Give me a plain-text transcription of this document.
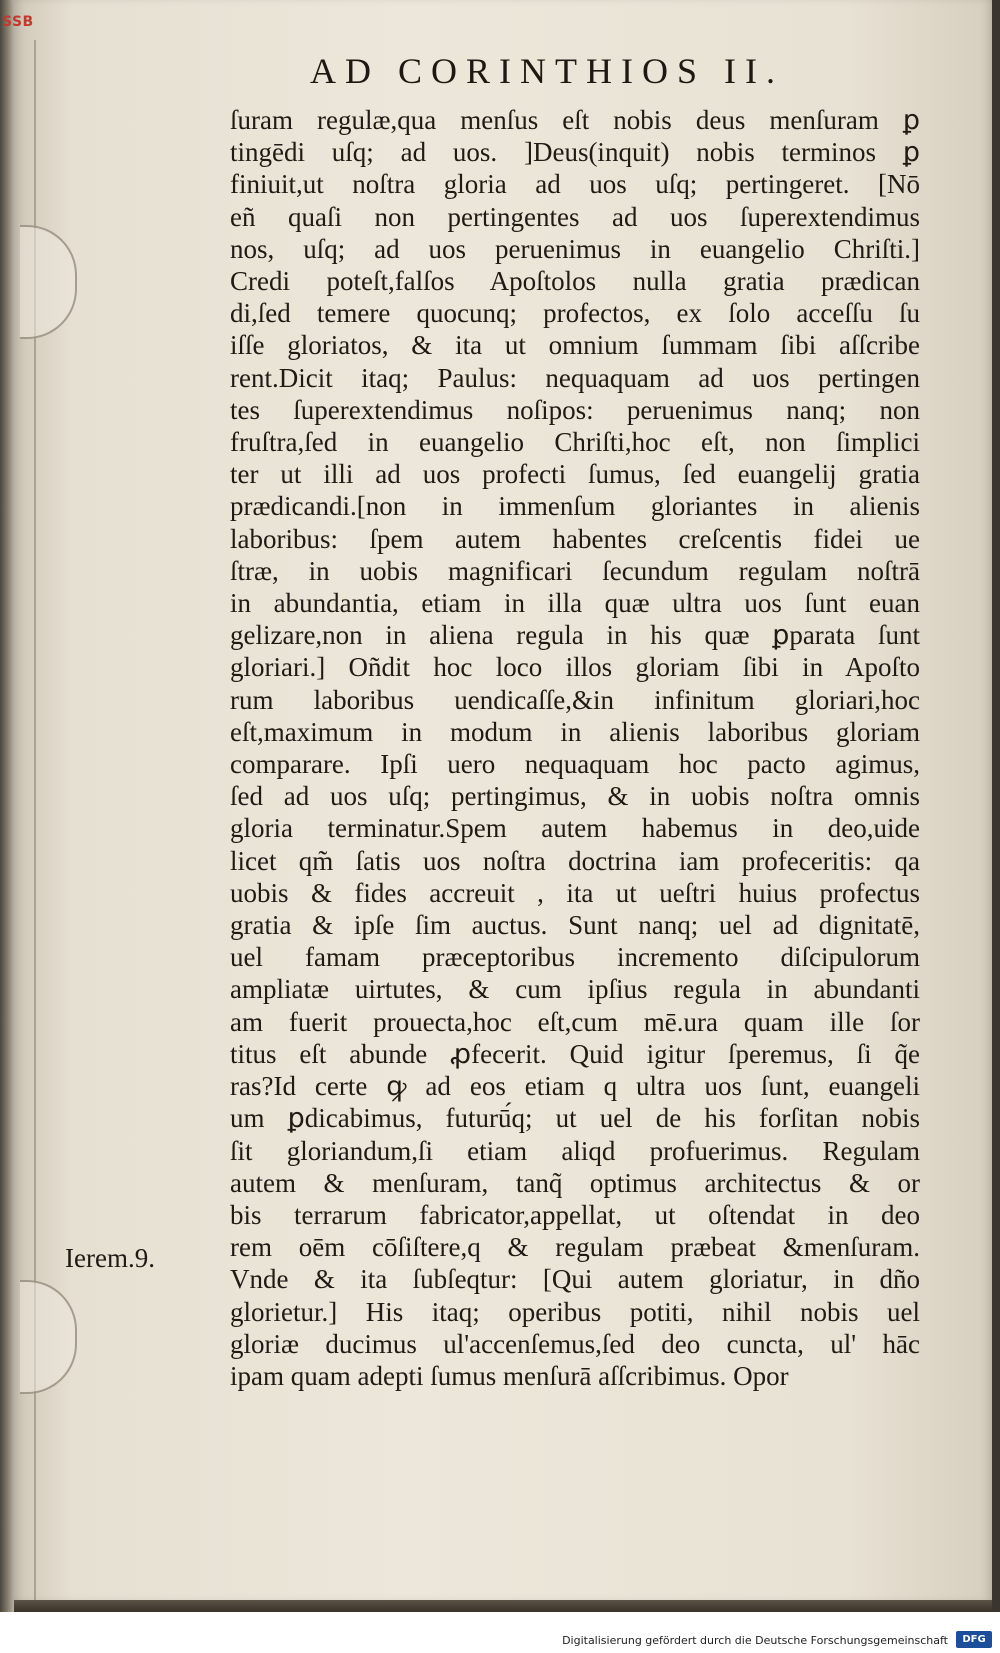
SSB
AD CORINTHIOS II.
ſuram regulæ,qua menſus eſt nobis deus menſuram ꝑ
tingēdi uſq; ad uos. ]Deus(inquit) nobis terminos ꝑ
finiuit,ut noſtra gloria ad uos uſq; pertingeret. [Nō
eñ quaſi non pertingentes ad uos ſuperextendimus
nos, uſq; ad uos peruenimus in euangelio Chriſti.]
Credi poteſt,falſos Apoſtolos nulla gratia prædican
di,ſed temere quocunq; profectos, ex ſolo acceſſu ſu
iſſe gloriatos, & ita ut omnium ſummam ſibi aſſcribe
rent.Dicit itaq; Paulus: nequaquam ad uos pertingen
tes ſuperextendimus noſipos: peruenimus nanq; non
fruſtra,ſed in euangelio Chriſti,hoc eſt, non ſimplici
ter ut illi ad uos profecti ſumus, ſed euangelij gratia
prædicandi.[non in immenſum gloriantes in alienis
laboribus: ſpem autem habentes creſcentis fidei ue
ſtræ, in uobis magnificari ſecundum regulam noſtrā
in abundantia, etiam in illa quæ ultra uos ſunt euan
gelizare,non in aliena regula in his quæ ꝑparata ſunt
gloriari.] Oñdit hoc loco illos gloriam ſibi in Apoſto
rum laboribus uendicaſſe,&in infinitum gloriari,hoc
eſt,maximum in modum in alienis laboribus gloriam
comparare. Ipſi uero nequaquam hoc pacto agimus,
ſed ad uos uſq; pertingimus, & in uobis noſtra omnis
gloria terminatur.Spem autem habemus in deo,uide
licet qm̃ ſatis uos noſtra doctrina iam profeceritis: qa
uobis & fides accreuit , ita ut ueſtri huius profectus
gratia & ipſe ſim auctus. Sunt nanq; uel ad dignitatē,
uel famam præceptoribus incremento diſcipulorum
ampliatæ uirtutes, & cum ipſius regula in abundanti
am fuerit prouecta,hoc eſt,cum mē.ura quam ille ſor
titus eſt abunde ꝓfecerit. Quid igitur ſperemus, ſi q̃e
ras?Id certe ꝙ ad eos etiam q ultra uos ſunt, euangeli
um ꝑdicabimus, futurū́q; ut uel de his forſitan nobis
ſit gloriandum,ſi etiam aliqd profuerimus. Regulam
autem & menſuram, tanq̃ optimus architectus & or
bis terrarum fabricator,appellat, ut oſtendat in deo
rem oēm cōſiſtere,q & regulam præbeat &menſuram.
Vnde & ita ſubſeqtur: [Qui autem gloriatur, in dño
glorietur.] His itaq; operibus potiti, nihil nobis uel
gloriæ ducimus ul'accenſemus,ſed deo cuncta, ul' hāc
ipam quam adepti ſumus menſurā aſſcribimus. Opor
Ierem.9.
Digitalisierung gefördert durch die Deutsche Forschungsgemeinschaft	DFG
